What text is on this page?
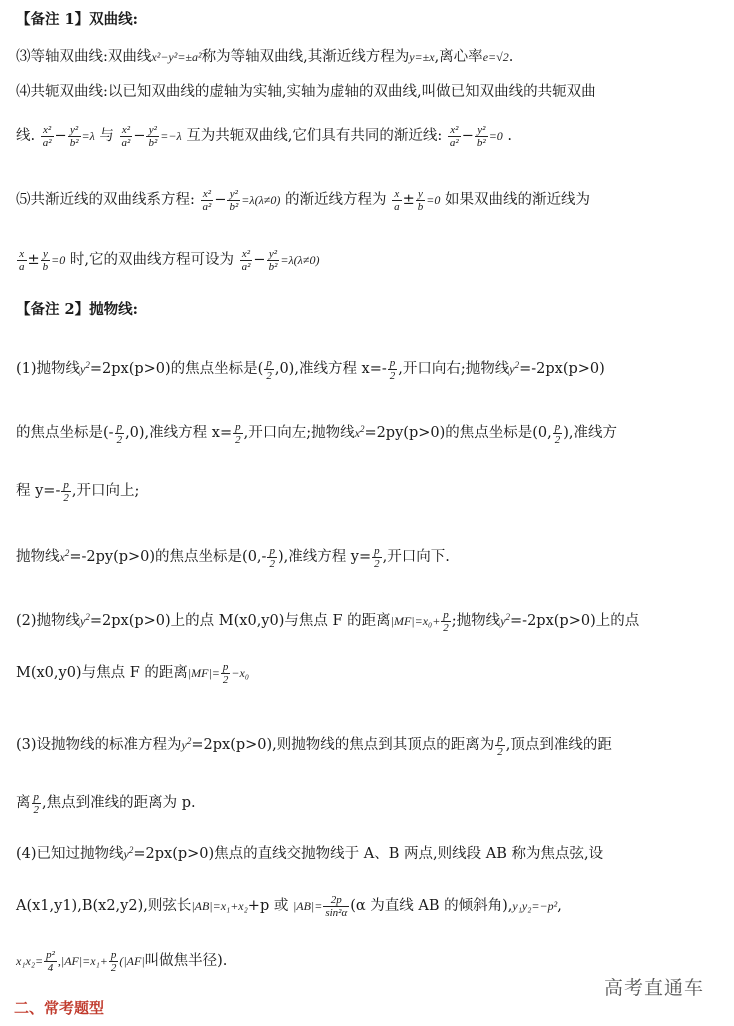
【备注 1】双曲线:
⑶等轴双曲线:双曲线x²−y²=±a²称为等轴双曲线,其渐近线方程为y=±x,离心率e=√2.
⑷共轭双曲线:以已知双曲线的虚轴为实轴,实轴为虚轴的双曲线,叫做已知双曲线的共轭双曲
线. $\frac{\text{x²}}{\text{a²}} - \frac{\text{y²}}{\text{b²}} =\lambda$ 与 $\frac{\text{x²}}{\text{a²}} - \frac{\text{y²}}{\text{b²}} =-\lambda$ 互为共轭双曲线,它们具有共同的渐近线: $\frac{\text{x²}}{\text{a²}} - \frac{\text{y²}}{\text{b²}} =0$ .
⑸共渐近线的双曲线系方程: $\frac{\text{x²}}{\text{a²}} - \frac{\text{y²}}{\text{b²}} =\lambda(\lambda\ne 0)$ 的渐近线方程为 $\frac{x}{a} \pm \frac{y}{b} =0$ 如果双曲线的渐近线为
$\frac{x}{a} \pm \frac{y}{b} =0$ 时,它的双曲线方程可设为 $\frac{\text{x²}}{\text{a²}} - \frac{\text{y²}}{\text{b²}} =\lambda(\lambda\ne 0)$
【备注 2】抛物线:
(1)抛物线$y^2=2px(p>0)$的焦点坐标是( $\frac{p}{2} ,0$),准线方程 $x=- \frac{p}{2}$ ,开口向右;抛物线$y^2=-2px(p>0)$
的焦点坐标是(- $\frac{p}{2} ,0$),准线方程 $x= \frac{p}{2}$ ,开口向左;抛物线$x^2=2py(p>0)$的焦点坐标是(0, $\frac{p}{2}$ ),准线方
程 $y=- \frac{p}{2}$ ,开口向上;
抛物线$x^2=-2py(p>0)$的焦点坐标是($0,- \frac{p}{2}$ ),准线方程 $y= \frac{p}{2}$ ,开口向下.
(2)抛物线$y^2=2px(p>0)$上的点 M(x0,y0)与焦点 F 的距离$|MF|=x_0+ \frac{p}{2}$ ;抛物线$y^2=-2px(p>0)$上的点
M(x0,y0)与焦点 F 的距离$|MF|= \frac{p}{2} -x_0$
(3)设抛物线的标准方程为$y^2=2px(p>0)$,则抛物线的焦点到其顶点的距离为 $\frac{p}{2}$ ,顶点到准线的距
离 $\frac{p}{2}$ ,焦点到准线的距离为 p.
(4)已知过抛物线$y^2=2px(p>0)$焦点的直线交抛物线于 A、B 两点,则线段 AB 称为焦点弦,设
A(x1,y1),B(x2,y2),则弦长|AB|=x₁+x₂+p 或 $|AB|= \frac{2p}{\text{sin²α}} (\alpha$ 为直线 AB 的倾斜角),y₁y₂=−p²,
$x_1x_2= \frac{\text{p²}}{4} ,|AF|=x_1+ \frac{p}{2} (|AF|$叫做焦半径).
高考直通车
二、常考题型
